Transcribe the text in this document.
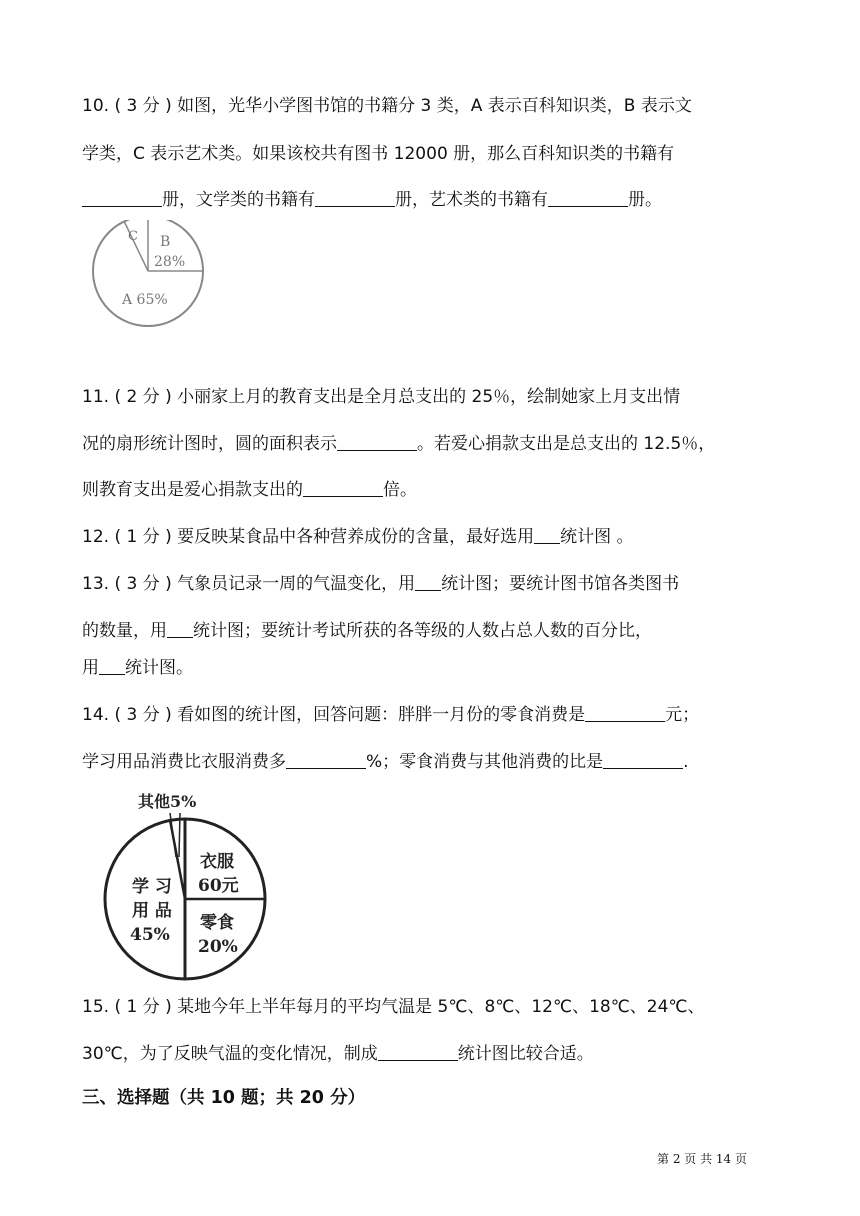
10. ( 3 分 ) 如图，光华小学图书馆的书籍分 3 类，A 表示百科知识类，B 表示文
学类，C 表示艺术类。如果该校共有图书 12000 册，那么百科知识类的书籍有
册，文学类的书籍有	册，艺术类的书籍有	册。
C B
28%
A 65%
11. ( 2 分 ) 小丽家上月的教育支出是全月总支出的 25％，绘制她家上月支出情
况的扇形统计图时，圆的面积表示	。若爱心捐款支出是总支出的 12.5％，
则教育支出是爱心捐款支出的	倍。
12. ( 1 分 ) 要反映某食品中各种营养成份的含量，最好选用 统计图 。
13. ( 3 分 ) 气象员记录一周的气温变化，用 统计图；要统计图书馆各类图书
的数量，用 统计图；要统计考试所获的各等级的人数占总人数的百分比，
用 统计图。
14. ( 3 分 ) 看如图的统计图，回答问题：胖胖一月份的零食消费是	元；
学习用品消费比衣服消费多	%；零食消费与其他消费的比是	.
其他5%
衣服
60元
零食
20%
学 习
用 品
45%
15. ( 1 分 ) 某地今年上半年每月的平均气温是 5℃、8℃、12℃、18℃、24℃、
30℃，为了反映气温的变化情况，制成	统计图比较合适。
三、选择题（共 10 题；共 20 分）
第 2 页 共 14 页
